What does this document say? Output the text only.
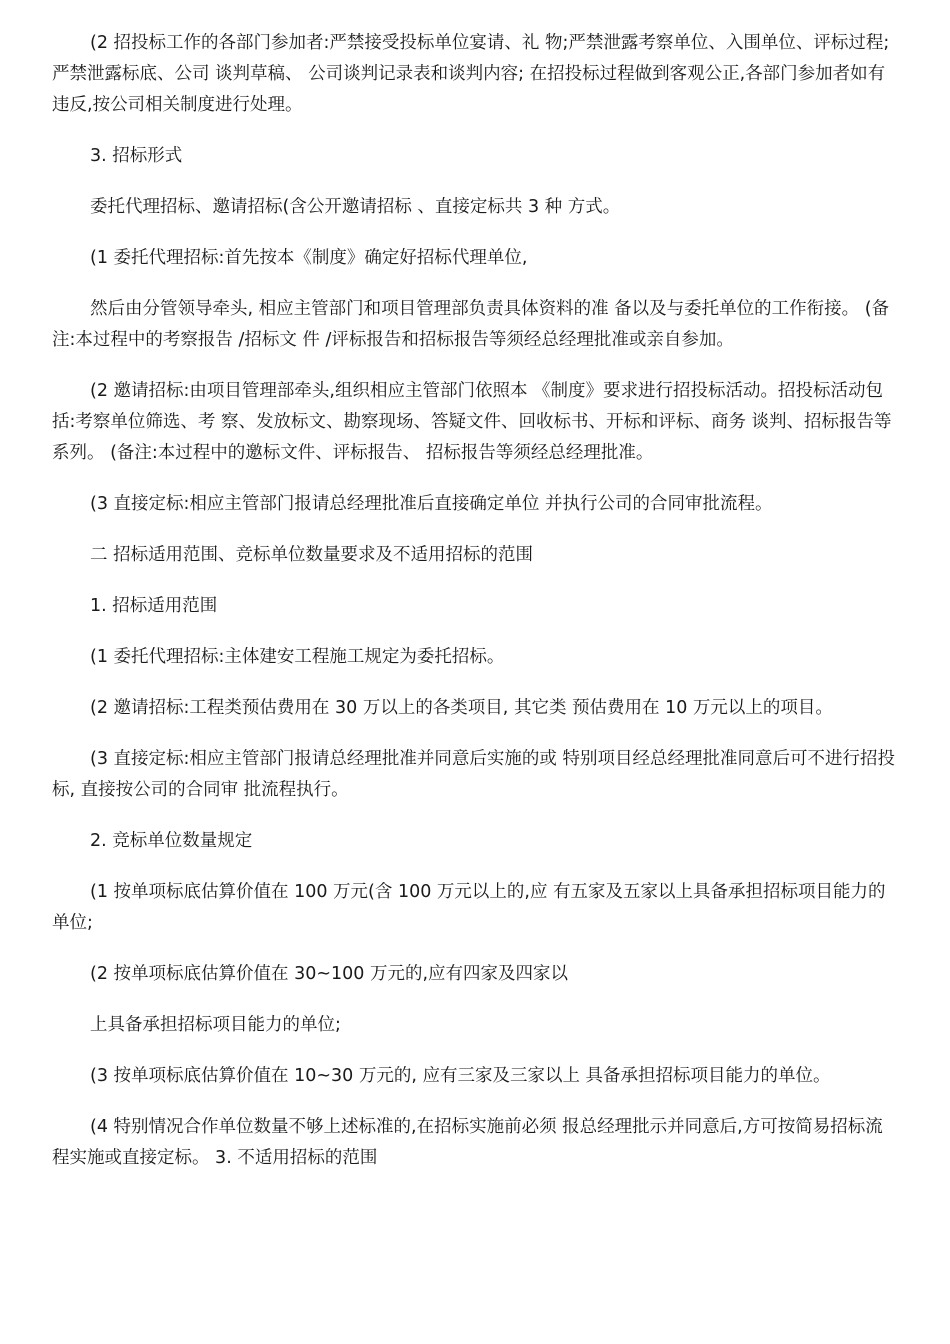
(2 招投标工作的各部门参加者:严禁接受投标单位宴请、礼 物;严禁泄露考察单位、入围单位、评标过程;严禁泄露标底、公司 谈判草稿、 公司谈判记录表和谈判内容; 在招投标过程做到客观公正,各部门参加者如有违反,按公司相关制度进行处理。

3. 招标形式

委托代理招标、邀请招标(含公开邀请招标 、直接定标共 3 种 方式。

(1 委托代理招标:首先按本《制度》确定好招标代理单位,

然后由分管领导牵头, 相应主管部门和项目管理部负责具体资料的准 备以及与委托单位的工作衔接。 (备注:本过程中的考察报告 /招标文 件 /评标报告和招标报告等须经总经理批准或亲自参加。

(2 邀请招标:由项目管理部牵头,组织相应主管部门依照本 《制度》要求进行招投标活动。招投标活动包括:考察单位筛选、考 察、发放标文、勘察现场、答疑文件、回收标书、开标和评标、商务 谈判、招标报告等系列。 (备注:本过程中的邀标文件、评标报告、 招标报告等须经总经理批准。

(3 直接定标:相应主管部门报请总经理批准后直接确定单位 并执行公司的合同审批流程。

二 招标适用范围、竞标单位数量要求及不适用招标的范围

1. 招标适用范围

(1 委托代理招标:主体建安工程施工规定为委托招标。

(2 邀请招标:工程类预估费用在 30 万以上的各类项目, 其它类 预估费用在 10 万元以上的项目。

(3 直接定标:相应主管部门报请总经理批准并同意后实施的或 特别项目经总经理批准同意后可不进行招投标, 直接按公司的合同审 批流程执行。

2. 竞标单位数量规定

(1 按单项标底估算价值在 100 万元(含 100 万元以上的,应 有五家及五家以上具备承担招标项目能力的单位;

(2 按单项标底估算价值在 30~100 万元的,应有四家及四家以

上具备承担招标项目能力的单位;

(3 按单项标底估算价值在 10~30 万元的, 应有三家及三家以上 具备承担招标项目能力的单位。

(4 特别情况合作单位数量不够上述标准的,在招标实施前必须 报总经理批示并同意后,方可按简易招标流程实施或直接定标。 3. 不适用招标的范围
